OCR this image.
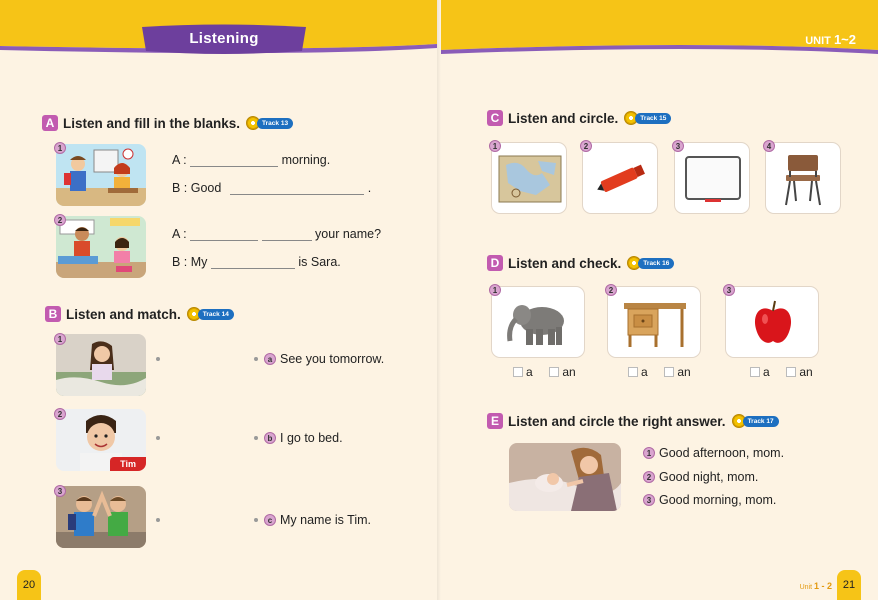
Listening	UNIT 1~2
A Listen and fill in the blanks.	Track 13
1
A :	morning.
B : Good	.
2
A :	your name?
B : My	is Sara.
B Listen and match.	Track 14
1
2
Tim
3
a See you tomorrow.
b I go to bed.
c My name is Tim.
C Listen and circle.	Track 15
1	2	3	4
D Listen and check.	Track 16
1	2	3
a an	a an	a an
E Listen and circle the right answer.	Track 17
1 Good afternoon, mom.
2 Good night, mom.
3 Good morning, mom.
20	Unit 1 - 2 21
